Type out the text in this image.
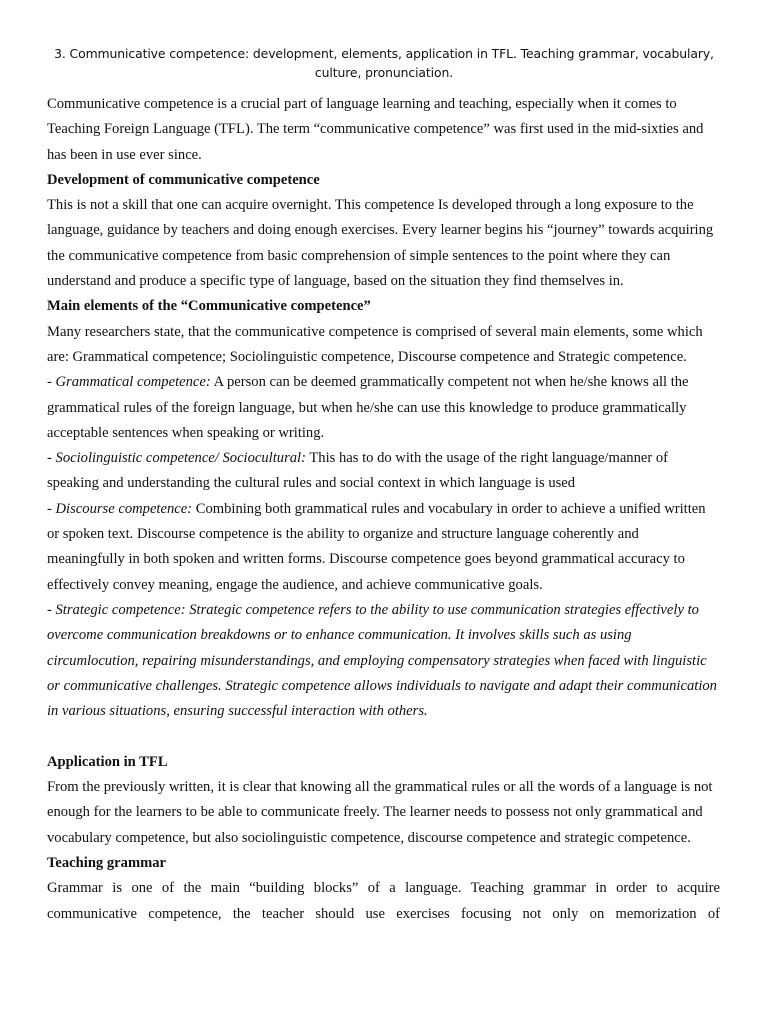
3. Communicative competence: development, elements, application in TFL. Teaching grammar, vocabulary, culture, pronunciation.

Communicative competence is a crucial part of language learning and teaching, especially when it comes to Teaching Foreign Language (TFL). The term “communicative competence” was first used in the mid-sixties and has been in use ever since.

Development of communicative competence

This is not a skill that one can acquire overnight. This competence Is developed through a long exposure to the language, guidance by teachers and doing enough exercises. Every learner begins his “journey” towards acquiring the communicative competence from basic comprehension of simple sentences to the point where they can understand and produce a specific type of language, based on the situation they find themselves in.

Main elements of the “Communicative competence”

Many researchers state, that the communicative competence is comprised of several main elements, some which are: Grammatical competence; Sociolinguistic competence, Discourse competence and Strategic competence.

- Grammatical competence: A person can be deemed grammatically competent not when he/she knows all the grammatical rules of the foreign language, but when he/she can use this knowledge to produce grammatically acceptable sentences when speaking or writing.

- Sociolinguistic competence/ Sociocultural: This has to do with the usage of the right language/manner of speaking and understanding the cultural rules and social context in which language is used

- Discourse competence: Combining both grammatical rules and vocabulary in order to achieve a unified written or spoken text. Discourse competence is the ability to organize and structure language coherently and meaningfully in both spoken and written forms. Discourse competence goes beyond grammatical accuracy to effectively convey meaning, engage the audience, and achieve communicative goals.

- Strategic competence: Strategic competence refers to the ability to use communication strategies effectively to overcome communication breakdowns or to enhance communication. It involves skills such as using circumlocution, repairing misunderstandings, and employing compensatory strategies when faced with linguistic or communicative challenges. Strategic competence allows individuals to navigate and adapt their communication in various situations, ensuring successful interaction with others.

Application in TFL

From the previously written, it is clear that knowing all the grammatical rules or all the words of a language is not enough for the learners to be able to communicate freely. The learner needs to possess not only grammatical and vocabulary competence, but also sociolinguistic competence, discourse competence and strategic competence.

Teaching grammar

Grammar is one of the main “building blocks” of a language. Teaching grammar in order to acquire communicative competence, the teacher should use exercises focusing not only on memorization of
